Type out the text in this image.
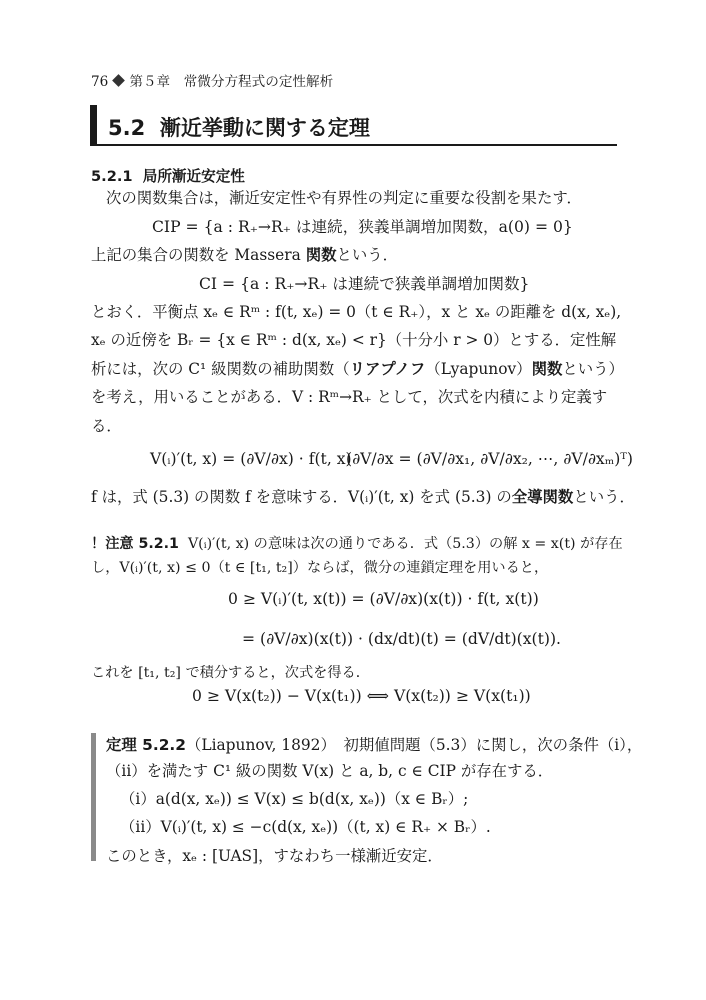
76 第５章　常微分方程式の定性解析
5.2 漸近挙動に関する定理
5.2.1 局所漸近安定性
次の関数集合は，漸近安定性や有界性の判定に重要な役割を果たす．
CIP = {a : R₊→R₊ は連続，狭義単調増加関数，a(0) = 0}
上記の集合の関数を Massera 関数という．
CI = {a : R₊→R₊ は連続で狭義単調増加関数}
とおく．平衡点 xₑ ∈ Rᵐ : f(t, xₑ) = 0（t ∈ R₊），x と xₑ の距離を d(x, xₑ),
xₑ の近傍を Bᵣ = {x ∈ Rᵐ : d(x, xₑ) < r}（十分小 r > 0）とする．定性解
析には，次の C¹ 級関数の補助関数（リアプノフ（Lyapunov）関数という）
を考え，用いることがある．V : Rᵐ→R₊ として，次式を内積により定義す
る．
V(ᵢ)′(t, x) = (∂V/∂x) · f(t, x)
(∂V/∂x = (∂V/∂x₁, ∂V/∂x₂, ⋯, ∂V/∂xₘ)ᵀ)
f は，式 (5.3) の関数 f を意味する．V(ᵢ)′(t, x) を式 (5.3) の全導関数という．
！注意 5.2.1 V(ᵢ)′(t, x) の意味は次の通りである．式（5.3）の解 x = x(t) が存在
し，V(ᵢ)′(t, x) ≤ 0（t ∈ [t₁, t₂]）ならば，微分の連鎖定理を用いると，
0 ≥ V(ᵢ)′(t, x(t)) = (∂V/∂x)(x(t)) · f(t, x(t))
= (∂V/∂x)(x(t)) · (dx/dt)(t) = (dV/dt)(x(t)).
これを [t₁, t₂] で積分すると，次式を得る．
0 ≥ V(x(t₂)) − V(x(t₁)) ⟺ V(x(t₂)) ≥ V(x(t₁))
定理 5.2.2（Liapunov, 1892）　初期値問題（5.3）に関し，次の条件（i），
（ii）を満たす C¹ 級の関数 V(x) と a, b, c ∈ CIP が存在する．
（i）a(d(x, xₑ)) ≤ V(x) ≤ b(d(x, xₑ))（x ∈ Bᵣ）;
（ii）V(ᵢ)′(t, x) ≤ −c(d(x, xₑ))（(t, x) ∈ R₊ × Bᵣ）.
このとき，xₑ : [UAS]，すなわち一様漸近安定．
